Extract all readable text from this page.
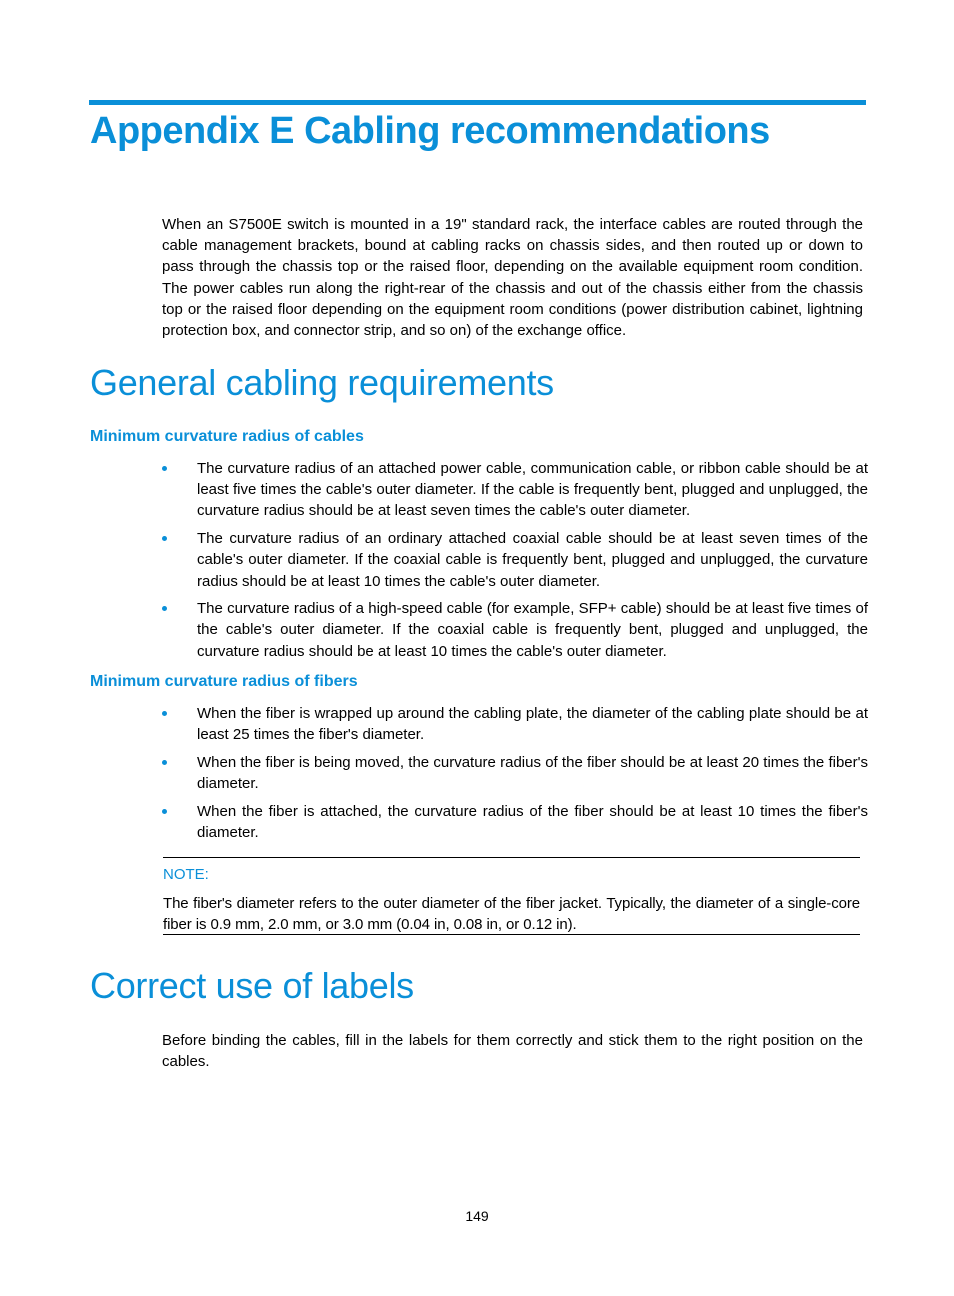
Appendix E Cabling recommendations

When an S7500E switch is mounted in a 19" standard rack, the interface cables are routed through the cable management brackets, bound at cabling racks on chassis sides, and then routed up or down to pass through the chassis top or the raised floor, depending on the available equipment room condition. The power cables run along the right-rear of the chassis and out of the chassis either from the chassis top or the raised floor depending on the equipment room conditions (power distribution cabinet, lightning protection box, and connector strip, and so on) of the exchange office.

General cabling requirements
Minimum curvature radius of cables
The curvature radius of an attached power cable, communication cable, or ribbon cable should be at least five times the cable's outer diameter. If the cable is frequently bent, plugged and unplugged, the curvature radius should be at least seven times the cable's outer diameter.
The curvature radius of an ordinary attached coaxial cable should be at least seven times of the cable's outer diameter. If the coaxial cable is frequently bent, plugged and unplugged, the curvature radius should be at least 10 times the cable's outer diameter.
The curvature radius of a high-speed cable (for example, SFP+ cable) should be at least five times of the cable's outer diameter. If the coaxial cable is frequently bent, plugged and unplugged, the curvature radius should be at least 10 times the cable's outer diameter.
Minimum curvature radius of fibers
When the fiber is wrapped up around the cabling plate, the diameter of the cabling plate should be at least 25 times the fiber's diameter.
When the fiber is being moved, the curvature radius of the fiber should be at least 20 times the fiber's diameter.
When the fiber is attached, the curvature radius of the fiber should be at least 10 times the fiber's diameter.
NOTE:

The fiber's diameter refers to the outer diameter of the fiber jacket. Typically, the diameter of a single-core fiber is 0.9 mm, 2.0 mm, or 3.0 mm (0.04 in, 0.08 in, or 0.12 in).

Correct use of labels

Before binding the cables, fill in the labels for them correctly and stick them to the right position on the cables.

149
